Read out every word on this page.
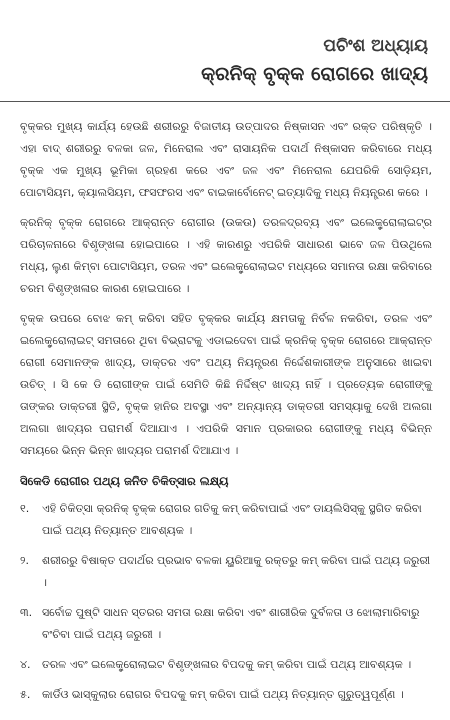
ପଚିଂଶ ଅଧ୍ୟାୟ
କ୍ରନିକ୍ ବୃକ୍କ ରୋଗରେ ଖାଦ୍ୟ

ବୃକ୍କର ମୁଖ୍ୟ କାର୍ଯ୍ୟ ହେଉଛି ଶରୀରରୁ ବିଜାତୀୟ ଉତ୍ପାଦର ନିଷ୍କାସନ ଏବଂ ରକ୍ତ ପରିଷ୍କୃତି । ଏହା ବାଦ୍ ଶରୀରରୁ ବଳକା ଜଳ, ମିନେରାଲ ଏବଂ ରାସାୟନିକ ପଦାର୍ଥ ନିଷ୍କାସନ କରିବାରେ ମଧ୍ୟ ବୃକ୍କ ଏକ ମୁଖ୍ୟ ଭୂମିକା ଗ୍ରହଣ କରେ ଏବଂ ଜଳ ଏବଂ ମିନେରାଲ ଯେପରିକି ସୋଡ଼ିୟମ, ପୋଟାସିୟମ, କ୍ୟାଲସିୟମ, ଫସଫରସ ଏବଂ ବାଇକାର୍ବୋନେଟ୍ ଇତ୍ୟାଦିକୁ ମଧ୍ୟ ନିୟନ୍ତ୍ରଣ କରେ ।

କ୍ରନିକ୍ ବୃକ୍କ ରୋଗରେ ଆକ୍ରାନ୍ତ ରୋଗୀର (ଉକଉ) ତରଳଦ୍ରବ୍ୟ ଏବଂ ଇଲେକ୍ଟ୍ରୋଲାଇଟ୍ର ପରିଚାଳନାରେ ବିଶୃଙ୍ଖଳା ହୋଇପାରେ । ଏହି କାରଣରୁ ଏପରିକି ସାଧାରଣ ଭାବେ ଜଳ ପିଉଥିଲେ ମଧ୍ୟ, ଲୁଣ କିମ୍ବା ପୋଟାସିୟମ, ତରଳ ଏବଂ ଇଲେକ୍ଟ୍ରୋଲାଇଟ ମଧ୍ୟରେ ସମାନତା ରକ୍ଷା କରିବାରେ ଚରମ ବିଶୃଙ୍ଖଳାର କାରଣ ହୋଇପାରେ ।

ବୃକ୍କ ଉପରେ ବୋଝ କମ୍ କରିବା ସହିତ ବୃକ୍କର କାର୍ଯ୍ୟ କ୍ଷମତାକୁ ନିର୍ବଳ ନକରିବା, ତରଳ ଏବଂ ଇଲେକ୍ଟ୍ରୋଲାଇଟ୍ ସମତାରେ ଥିବା ବିଭ୍ରାଟକୁ ଏଡାଇଦେବା ପାଇଁ କ୍ରନିକ୍ ବୃକ୍କ ରୋଗରେ ଆକ୍ରାନ୍ତ ରୋଗୀ ସେମାନଙ୍କ ଖାଦ୍ୟ, ଡାକ୍ତର ଏବଂ ପଥ୍ୟ ନିୟନ୍ତ୍ରଣ ନିର୍ଦ୍ଦେଶକାରୀଙ୍କ ଅନୁସାରେ ଖାଇବା ଉଚିତ୍ । ସି କେ ଡି ରୋଗୀଙ୍କ ପାଇଁ ସେମିତି କିଛି ନିର୍ଦ୍ଦିଷ୍ଟ ଖାଦ୍ୟ ନାହିଁ । ପ୍ରତ୍ୟେକ ରୋଗୀଙ୍କୁ ତାଙ୍କର ଡାକ୍ତରୀ ସ୍ଥିତି, ବୃକ୍କ ହାନିର ଅବସ୍ଥା ଏବଂ ଅନ୍ୟାନ୍ୟ ଡାକ୍ତରୀ ସମସ୍ୟାକୁ ଦେଖି ଅଲଗା ଅଲଗା ଖାଦ୍ୟର ପରାମର୍ଶ ଦିଆଯାଏ । ଏପରିକି ସମାନ ପ୍ରକାରର ରୋଗୀଙ୍କୁ ମଧ୍ୟ ବିଭିନ୍ନ ସମୟରେ ଭିନ୍ନ ଭିନ୍ନ ଖାଦ୍ୟର ପରାମର୍ଶ ଦିଆଯାଏ ।

ସିକେଡି ରୋଗୀର ପଥ୍ୟ ଜନିତ ଚିକିତ୍ସାର ଲକ୍ଷ୍ୟ
୧.	ଏହି ଚିକିତ୍ସା କ୍ରନିକ୍ ବୃକ୍କ ରୋଗର ଗତିକୁ କମ୍ କରିବାପାଇଁ ଏବଂ ଡାୟଲିସିସ୍କୁ ସ୍ଥଗିତ କରିବା ପାଇଁ ପଥ୍ୟ ନିତ୍ୟାନ୍ତ ଆବଶ୍ୟକ ।
୨.	ଶରୀରରୁ ବିଷାକ୍ତ ପଦାର୍ଥର ପ୍ରଭାବ ବଳକା ୟୁରିଆକୁ ରକ୍ତରୁ କମ୍ କରିବା ପାଇଁ ପଥ୍ୟ ଜରୁରୀ ।
୩. ସର୍ବୋଚ୍ଚ ପୁଷ୍ଟି ସାଧନ ସ୍ତରର ସମତା ରକ୍ଷା କରିବା ଏବଂ ଶାରୀରିକ ଦୁର୍ବଳତା ଓ ଝୋଲାମାରିବାରୁ ବଂଚିବା ପାଇଁ ପଥ୍ୟ ଜରୁରୀ ।
୪.	ତରଳ ଏବଂ ଇଲେକ୍ଟ୍ରୋଲାଇଟ ବିଶୃଙ୍ଖଳାର ବିପଦକୁ କମ୍ କରିବା ପାଇଁ ପଥ୍ୟ ଆବଶ୍ୟକ ।
୫.	କାର୍ଡିଓ ଭାସ୍କୁଲାର ରୋଗର ବିପଦକୁ କମ୍ କରିବା ପାଇଁ ପଥ୍ୟ ନିତ୍ୟାନ୍ତ ଗୁରୁତ୍ୱପୂର୍ଣ୍ଣ ।
